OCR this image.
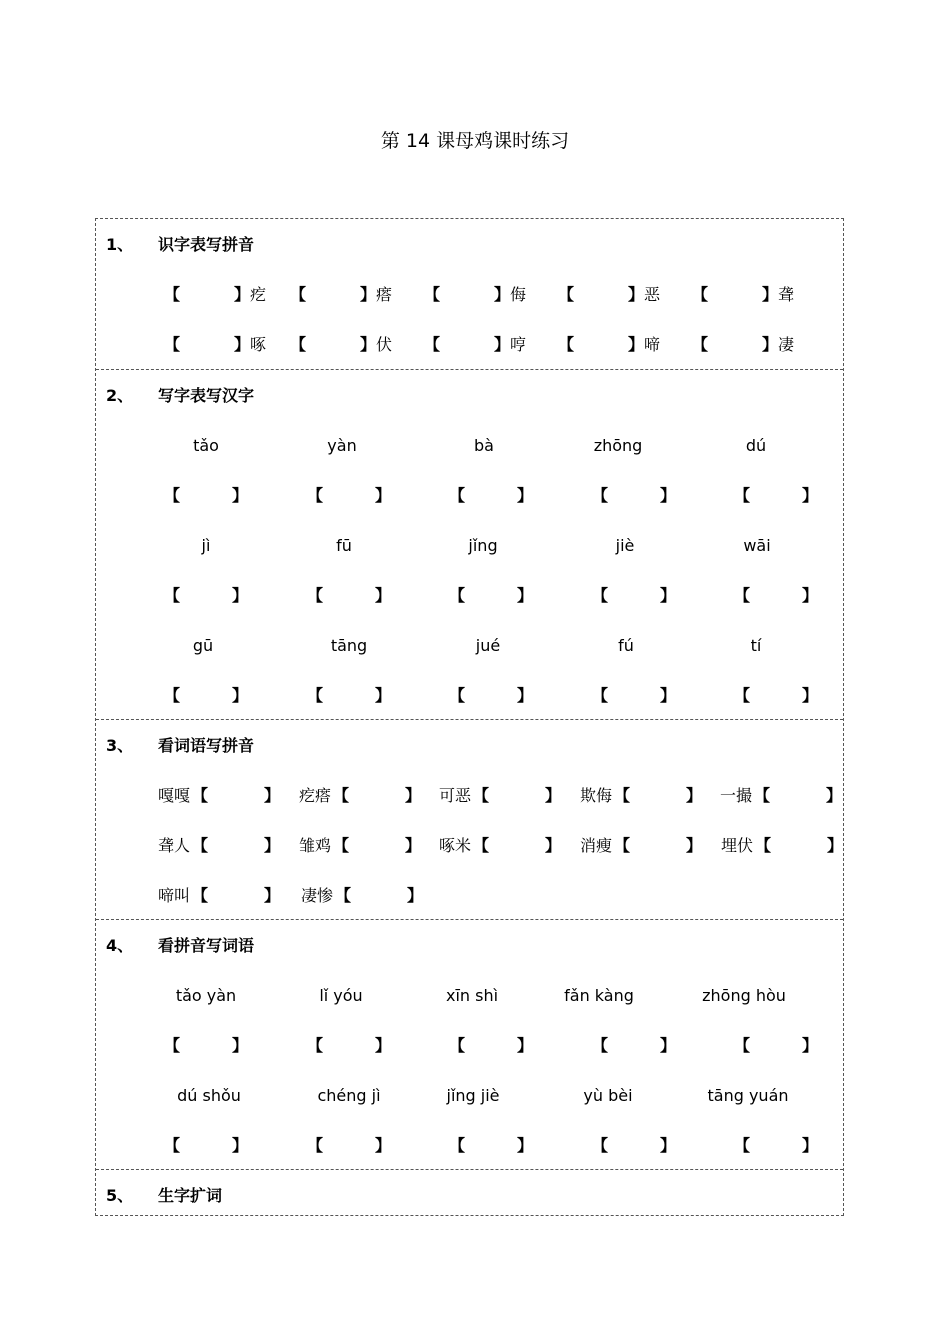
第 14 课母鸡课时练习
1、 识字表写拼音
【	】 疙 【	】 瘩 【	】 侮 【	】 恶 【	】 聋
【	】 啄 【	】 伏 【	】 哼 【	】 啼 【	】 凄
2、 写字表写汉字
tǎo	yàn	bà	zhōng	dú
【	】	【	】	【	】	【	】	【	】
jì	fū	jǐng	jiè	wāi
【	】	【	】	【	】	【	】	【	】
gū	tāng	jué	fú	tí
【	】	【	】	【	】	【	】	【	】
3、 看词语写拼音
嘎嘎 【	】 疙瘩 【	】 可恶 【	】 欺侮 【	】 一撮 【	】
聋人 【	】 雏鸡 【	】 啄米 【	】 消瘦 【	】 埋伏 【	】
啼叫 【	】 凄惨 【	】
4、 看拼音写词语
tǎo yàn	lǐ yóu	xīn shì	fǎn kàng	zhōng hòu
【	】	【	】	【	】	【	】	【	】
dú shǒu	chéng jì	jǐng jiè	yù bèi	tāng yuán
【	】	【	】	【	】	【	】	【	】
5、 生字扩词
